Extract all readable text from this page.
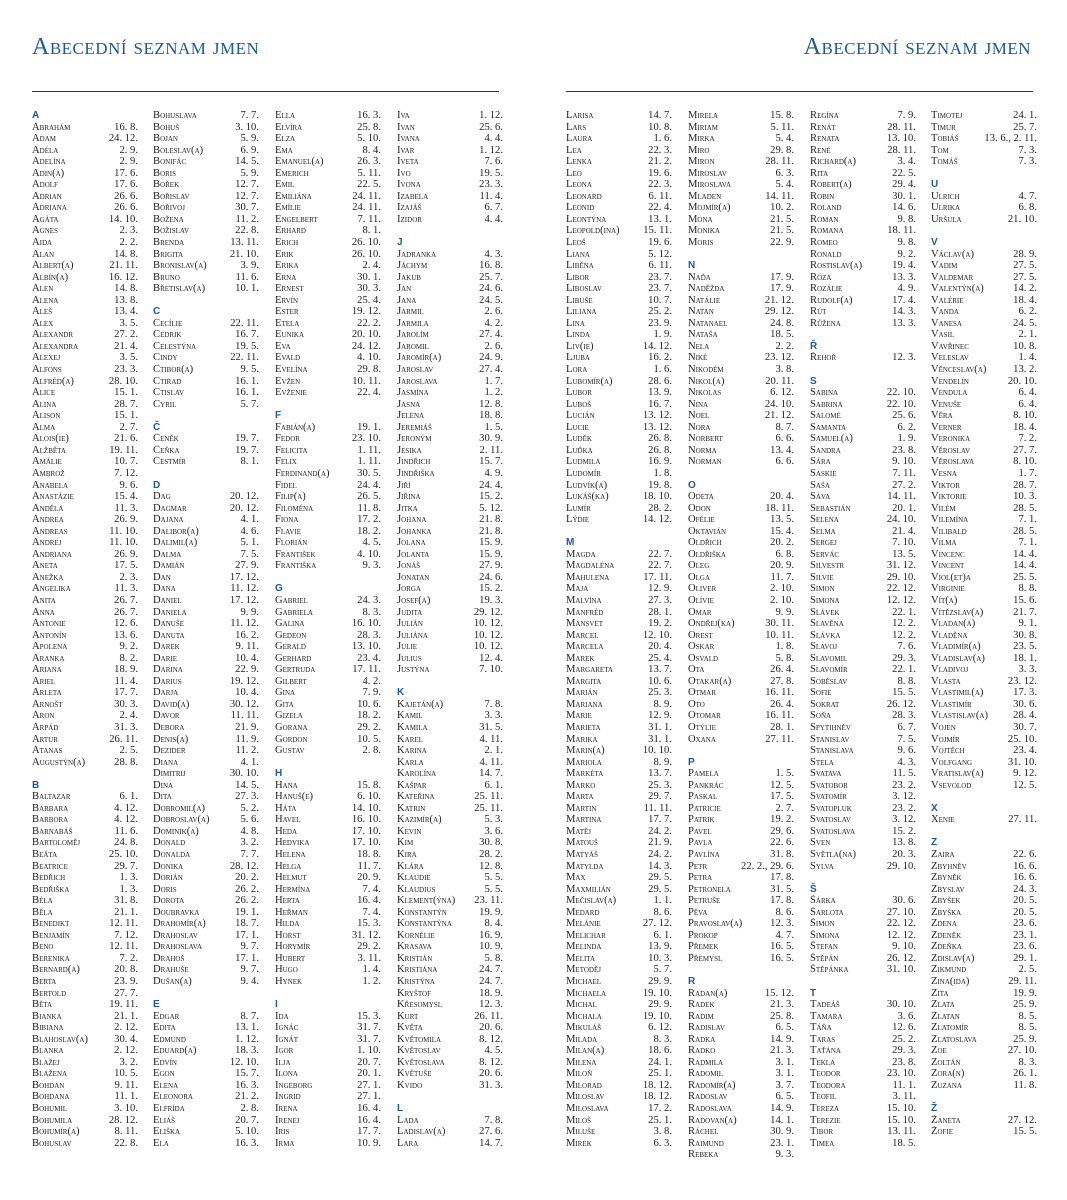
Abecední seznam jmen	Abecední seznam jmen
A
Abrahám	16. 8.
Adam	24. 12.
Adéla	2. 9.
Adelína	2. 9.
Adin(a)	17. 6.
Adolf	17. 6.
Adrian	26. 6.
Adriana	26. 6.
Agáta	14. 10.
Agnes	2. 3.
Aida	2. 2.
Alan	14. 8.
Albert(a)	21. 11.
Albín(a)	16. 12.
Alen	14. 8.
Alena	13. 8.
Aleš	13. 4.
Alex	3. 5.
Alexandr	27. 2.
Alexandra	21. 4.
Alexej	3. 5.
Alfons	23. 3.
Alfréd(a)	28. 10.
Alice	15. 1.
Alina	28. 7.
Alison	15. 1.
Alma	2. 7.
Alois(ie)	21. 6.
Alžběta	19. 11.
Amálie	10. 7.
Ambrož	7. 12.
Anabela	9. 6.
Anastázie	15. 4.
Anděla	11. 3.
Andrea	26. 9.
Andreas	11. 10.
Andrej	11. 10.
Andriana	26. 9.
Aneta	17. 5.
Anežka	2. 3.
Angelika	11. 3.
Anita	26. 7.
Anna	26. 7.
Antonie	12. 6.
Antonín	13. 6.
Apolena	9. 2.
Aranka	8. 2.
Ariana	18. 9.
Ariel	11. 4.
Arleta	17. 7.
Arnošt	30. 3.
Áron	2. 4.
Arpád	31. 3.
Artur	26. 11.
Atanas	2. 5.
Augustýn(a)	28. 8.
B
Baltazar	6. 1.
Barbara	4. 12.
Barbora	4. 12.
Barnabáš	11. 6.
Bartoloměj	24. 8.
Beáta	25. 10.
Beatrice	29. 7.
Bedřich	1. 3.
Bedřiška	1. 3.
Béla	31. 8.
Běla	21. 1.
Benedikt	12. 11.
Benjamín	7. 12.
Beno	12. 11.
Berenika	7. 2.
Bernard(a)	20. 8.
Berta	23. 9.
Bertold	27. 7.
Běta	19. 11.
Bianka	21. 1.
Bibiana	2. 12.
Blahoslav(a) 30. 4.
Blanka	2. 12.
Blažej	3. 2.
Blažena	10. 5.
Bohdan	9. 11.
Bohdana	11. 1.
Bohumil	3. 10.
Bohumila	28. 12.
Bohumír(a)	8. 11.
Bohuslav	22. 8.
Bohuslava	7. 7.
Bohuš	3. 10.
Bojan	5. 9.
Boleslav(a)	6. 9.
Bonifác	14. 5.
Boris	5. 9.
Bořek	12. 7.
Bořislav	12. 7.
Bořivoj	30. 7.
Božena	11. 2.
Božislav	22. 8.
Brenda	13. 11.
Brigita	21. 10.
Bronislav(a)	3. 9.
Bruno	11. 6.
Břetislav(a)	10. 1.
C
Cecílie	22. 11.
Cedrik	16. 7.
Celestýna	19. 5.
Cindy	22. 11.
Ctibor(a)	9. 5.
Ctirad	16. 1.
Ctislav	16. 1.
Cyril	5. 7.
Č
Čeněk	19. 7.
Čeňka	19. 7.
Čestmír	8. 1.
D
Dag	20. 12.
Dagmar	20. 12.
Dajana	4. 1.
Dalibor(a)	4. 6.
Dalimil(a)	5. 1.
Dalma	7. 5.
Damián	27. 9.
Dan	17. 12.
Dana	11. 12.
Daniel	17. 12.
Daniela	9. 9.
Danuše	11. 12.
Danuta	16. 2.
Darek	9. 11.
Darie	10. 4.
Darina	22. 9.
Darius	19. 12.
Darja	10. 4.
David(a)	30. 12.
Davor	11. 11.
Debora	21. 9.
Denis(a)	11. 9.
Dezider	11. 2.
Diana	4. 1.
Dimitrij	30. 10.
Dina	14. 5.
Dita	27. 3.
Dobromil(a)	5. 2.
Dobroslav(a)	5. 6.
Dominik(a)	4. 8.
Donald	3. 2.
Donalda	7. 7.
Donika	28. 12.
Dorián	20. 2.
Doris	26. 2.
Dorota	26. 2.
Doubravka	19. 1.
Drahomír(a)	18. 7.
Drahoslav	17. 1.
Drahoslava	9. 7.
Drahoš	17. 1.
Drahuše	9. 7.
Dušan(a)	9. 4.
E
Edgar	8. 7.
Edita	13. 1.
Edmund	1. 12.
Eduard(a)	18. 3.
Edvín	12. 10.
Egon	15. 7.
Elena	16. 3.
Eleonora	21. 2.
Elfrída	2. 8.
Eliáš	20. 7.
Eliška	5. 10.
Ela	16. 3.
Ella	16. 3.
Elvíra	25. 8.
Elza	5. 10.
Ema	8. 4.
Emanuel(a)	26. 3.
Emerich	5. 11.
Emil	22. 5.
Emiliána	24. 11.
Emílie	24. 11.
Engelbert	7. 11.
Erhard	8. 1.
Erich	26. 10.
Erik	26. 10.
Erika	2. 4.
Erna	30. 1.
Ernest	30. 3.
Ervín	25. 4.
Ester	19. 12.
Etela	22. 2.
Eunika	20. 10.
Eva	24. 12.
Evald	4. 10.
Evelína	29. 8.
Evžen	10. 11.
Evženie	22. 4.
F
Fabián(a)	19. 1.
Fedor	23. 10.
Felicita	1. 11.
Felix	1. 11.
Ferdinand(a)	30. 5.
Fidel	24. 4.
Filip(a)	26. 5.
Filoména	11. 8.
Fiona	17. 2.
Flavie	18. 2.
Florián	4. 5.
František	4. 10.
Františka	9. 3.
G
Gabriel	24. 3.
Gabriela	8. 3.
Galina	16. 10.
Gedeon	28. 3.
Gerald	13. 10.
Gerhard	23. 4.
Gertruda	17. 11.
Gilbert	4. 2.
Gina	7. 9.
Gita	10. 6.
Gizela	18. 2.
Gorana	29. 2.
Gordon	10. 5.
Gustav	2. 8.
H
Hana	15. 8.
Hanuš(e)	6. 10.
Háta	14. 10.
Havel	16. 10.
Heda	17. 10.
Hedvika	17. 10.
Helena	18. 8.
Helga	11. 7.
Helmut	20. 9.
Hermína	7. 4.
Herta	16. 4.
Heřman	7. 4.
Hilda	15. 3.
Horst	31. 12.
Horymír	29. 2.
Hubert	3. 11.
Hugo	1. 4.
Hynek	1. 2.
I
Ida	15. 3.
Ignác	31. 7.
Ignát	31. 7.
Igor	1. 10.
Ilja	20. 7.
Ilona	20. 1.
Ingeborg	27. 1.
Ingrid	27. 1.
Irena	16. 4.
Irenej	16. 4.
Iris	17. 7.
Irma	10. 9.
Iva	1. 12.
Ivan	25. 6.
Ivana	4. 4.
Ivar	1. 12.
Iveta	7. 6.
Ivo	19. 5.
Ivona	23. 3.
Izabela	11. 4.
Izajáš	6. 7.
Izidor	4. 4.
J
Jadranka	4. 3.
Jáchym	16. 8.
Jakub	25. 7.
Jan	24. 6.
Jana	24. 5.
Jarmil	2. 6.
Jarmila	4. 2.
Jarolím	27. 4.
Jaromil	2. 6.
Jaromír(a)	24. 9.
Jaroslav	27. 4.
Jaroslava	1. 7.
Jasmína	1. 2.
Jasna	12. 8.
Jelena	18. 8.
Jeremiáš	1. 5.
Jeroným	30. 9.
Jesika	2. 11.
Jindřich	15. 7.
Jindřiška	4. 9.
Jiří	24. 4.
Jiřina	15. 2.
Jitka	5. 12.
Johana	21. 8.
Johanka	21. 8.
Jolana	15. 9.
Jolanta	15. 9.
Jonáš	27. 9.
Jonatan	24. 6.
Jorga	15. 2.
Josef(a)	19. 3.
Judita	29. 12.
Julián	10. 12.
Juliána	10. 12.
Julie	10. 12.
Julius	12. 4.
Justýna	7. 10.
K
Kajetán(a)	7. 8.
Kamil	3. 3.
Kamila	31. 5.
Karel	4. 11.
Karina	2. 1.
Karla	4. 11.
Karolína	14. 7.
Kašpar	6. 1.
Kateřina	25. 11.
Katrin	25. 11.
Kazimír(a)	5. 3.
Kevin	3. 6.
Kim	30. 8.
Kira	28. 2.
Klára	12. 8.
Klaudie	5. 5.
Klaudius	5. 5.
Klement(ýna) 23. 11.
Konstantýn	19. 9.
Konstantýna	8. 4.
Kornélie	16. 9.
Krasava	10. 9.
Kristián	5. 8.
Kristiána	24. 7.
Kristýna	24. 7.
Kryštof	18. 9.
Křesomysl	12. 3.
Kurt	26. 11.
Květa	20. 6.
Květomila	8. 12.
Květoslav	4. 5.
Květoslava	8. 12.
Květuše	20. 6.
Kvido	31. 3.
L
Lada	7. 8.
Ladislav(a)	27. 6.
Lara	14. 7.
Larisa	14. 7.
Lars	10. 8.
Laura	1. 6.
Lea	22. 3.
Lenka	21. 2.
Leo	19. 6.
Leona	22. 3.
Leonard	6. 11.
Leonid	22. 4.
Leontýna	13. 1.
Leopold(ina) 15. 11.
Leoš	19. 6.
Liana	5. 12.
Liběna	6. 11.
Libor	23. 7.
Liboslav	23. 7.
Libuše	10. 7.
Liliana	25. 2.
Lina	23. 9.
Linda	1. 9.
Liv(ie)	14. 12.
Ljuba	16. 2.
Lora	1. 6.
Lubomír(a)	28. 6.
Lubor	13. 9.
Luboš	16. 7.
Lucián	13. 12.
Lucie	13. 12.
Luděk	26. 8.
Luďka	26. 8.
Ludmila	16. 9.
Ludomír	1. 8.
Ludvík(a)	19. 8.
Lukáš(ka)	18. 10.
Lumír	28. 2.
Lýdie	14. 12.
M
Magda	22. 7.
Magdaléna	22. 7.
Mahulena	17. 11.
Maja	12. 9.
Malvína	27. 3.
Manfréd	28. 1.
Mansvet	19. 2.
Marcel	12. 10.
Marcela	20. 4.
Marek	25. 4.
Margareta	13. 7.
Margita	10. 6.
Marián	25. 3.
Mariana	8. 9.
Marie	12. 9.
Marieta	31. 1.
Marika	31. 1.
Marin(a)	10. 10.
Mariola	8. 9.
Markéta	13. 7.
Marko	25. 3.
Marta	29. 7.
Martin	11. 11.
Martina	17. 7.
Matěj	24. 2.
Matouš	21. 9.
Matyáš	24. 2.
Matylda	14. 3.
Max	29. 5.
Maxmilián	29. 5.
Mečislav(a)	1. 1.
Medard	8. 6.
Melánie	27. 12.
Melichar	6. 1.
Melinda	13. 9.
Melita	10. 3.
Metoděj	5. 7.
Michael	29. 9.
Michaela	19. 10.
Michal	29. 9.
Michala	19. 10.
Mikuláš	6. 12.
Milada	8. 3.
Milan(a)	18. 6.
Milena	24. 1.
Miloň	25. 1.
Milorad	18. 12.
Miloslav	18. 12.
Miloslava	17. 2.
Miloš	25. 1.
Miluše	3. 8.
Mirek	6. 3.
Mirela	15. 8.
Miriam	5. 11.
Mirka	5. 4.
Miro	29. 8.
Miron	28. 11.
Miroslav	6. 3.
Miroslava	5. 4.
Mladen	14. 11.
Mojmír(a)	10. 2.
Mona	21. 5.
Monika	21. 5.
Moris	22. 9.
N
Naďa	17. 9.
Naděžda	17. 9.
Natálie	21. 12.
Natan	29. 12.
Natanael	24. 8.
Nataša	18. 5.
Nela	2. 2.
Niké	23. 12.
Nikodém	3. 8.
Nikol(a)	20. 11.
Nikolas	6. 12.
Nina	24. 10.
Noel	21. 12.
Nora	8. 7.
Norbert	6. 6.
Norma	13. 4.
Norman	6. 6.
O
Odeta	20. 4.
Odon	18. 11.
Ofélie	13. 5.
Oktavián	15. 4.
Oldřich	20. 2.
Oldřiška	6. 8.
Oleg	20. 9.
Olga	11. 7.
Oliver	2. 10.
Olívie	2. 10.
Omar	9. 9.
Ondřej(ka)	30. 11.
Orest	10. 11.
Oskar	1. 8.
Osvald	5. 8.
Ota	26. 4.
Otakar(a)	27. 8.
Otmar	16. 11.
Oto	26. 4.
Otomar	16. 11.
Otýlie	28. 1.
Oxana	27. 11.
P
Pamela	1. 5.
Pankrác	12. 5.
Paskal	17. 5.
Patricie	2. 7.
Patrik	19. 2.
Pavel	29. 6.
Pavla	22. 6.
Pavlína	31. 8.
Petr	22. 2., 29. 6.
Petra	17. 8.
Petronela	31. 5.
Petruše	17. 8.
Pěva	8. 6.
Pravoslav(a)	12. 3.
Prokop	4. 7.
Přemek	16. 5.
Přemysl	16. 5.
R
Radan(a)	15. 12.
Radek	21. 3.
Radim	25. 8.
Radislav	6. 5.
Radka	14. 9.
Radko	21. 3.
Radmila	3. 1.
Radomil	3. 1.
Radomír(a)	3. 7.
Radoslav	6. 5.
Radoslava	14. 9.
Radovan(a)	14. 1.
Ráchel	30. 9.
Raimund	23. 1.
Rebeka	9. 3.
Regína	7. 9.
Renát	28. 11.
Renata	13. 10.
René	28. 11.
Richard(a)	3. 4.
Rita	22. 5.
Robert(a)	29. 4.
Robin	30. 1.
Roland	14. 6.
Roman	9. 8.
Romana	18. 11.
Romeo	9. 8.
Ronald	9. 2.
Rostislav(a)	19. 4.
Róza	13. 3.
Rozálie	4. 9.
Rudolf(a)	17. 4.
Rút	14. 3.
Růžena	13. 3.
Ř
Řehoř	12. 3.
S
Sabina	22. 10.
Sabrina	22. 10.
Salomé	25. 6.
Samanta	6. 2.
Samuel(a)	1. 9.
Sandra	23. 8.
Sára	9. 10.
Saskie	7. 11.
Saša	27. 2.
Sáva	14. 11.
Sebastián	20. 1.
Selena	24. 10.
Selma	21. 4.
Sergej	7. 10.
Servác	13. 5.
Silvestr	31. 12.
Silvie	29. 10.
Simon	22. 12.
Simona	12. 12.
Slávek	22. 1.
Slavěna	12. 2.
Slávka	12. 2.
Slavoj	7. 6.
Slavomil	29. 3.
Slavomír	22. 1.
Soběslav	8. 8.
Sofie	15. 5.
Sokrat	26. 12.
Soňa	28. 3.
Spytihněv	6. 7.
Stanislav	7. 5.
Stanislava	9. 6.
Stela	4. 3.
Svatava	11. 5.
Svatobor	23. 2.
Svatomír	3. 12.
Svatopluk	23. 2.
Svatoslav	3. 12.
Svatoslava	15. 2.
Sven	13. 8.
Světla(na)	20. 3.
Sylva	29. 10.
Š
Šárka	30. 6.
Šarlota	27. 10.
Šimon	22. 12.
Šimona	12. 12.
Štefan	9. 10.
Štěpán	26. 12.
Štěpánka	31. 10.
T
Tadeáš	30. 10.
Tamara	3. 6.
Táňa	12. 6.
Taras	25. 2.
Taťána	29. 3.
Tekla	23. 8.
Teodor	23. 10.
Teodora	11. 1.
Teofil	3. 11.
Tereza	15. 10.
Terezie	15. 10.
Tibor	13. 11.
Timea	18. 5.
Timotej	24. 1.
Timur	25. 7.
Tobiáš 13. 6., 2. 11.
Tom	7. 3.
Tomáš	7. 3.
U
Ulrich	4. 7.
Ulrika	6. 8.
Uršula	21. 10.
V
Václav(a)	28. 9.
Vadim	27. 5.
Valdemar	27. 5.
Valentýn(a)	14. 2.
Valérie	18. 4.
Vanda	6. 2.
Vanesa	24. 5.
Vasil	2. 1.
Vavřinec	10. 8.
Veleslav	1. 4.
Věnceslav(a)	13. 2.
Vendelín	20. 10.
Vendula	6. 4.
Venuše	6. 4.
Věra	8. 10.
Verner	18. 4.
Veronika	7. 2.
Věroslav	27. 7.
Věroslava	8. 10.
Vesna	1. 7.
Viktor	28. 7.
Viktorie	10. 3.
Vilém	28. 5.
Vilemína	7. 1.
Vilibald	28. 5.
Vilma	7. 1.
Vincenc	14. 4.
Vincent	14. 4.
Viol(et)a	25. 5.
Virginie	8. 8.
Vít(a)	15. 6.
Vítězslav(a)	21. 7.
Vladan(a)	9. 1.
Vladěna	30. 8.
Vladimír(a)	23. 5.
Vladislav(a)	18. 1.
Vladivoj	3. 3.
Vlasta	23. 12.
Vlastimil(a)	17. 3.
Vlastimír	30. 6.
Vlastislav(a) 28. 4.
Vojen	30. 7.
Vojmír	25. 10.
Vojtěch	23. 4.
Volfgang	31. 10.
Vratislav(a)	9. 12.
Vsevolod	12. 5.
X
Xenie	27. 11.
Z
Zaira	22. 6.
Zbyhněv	16. 6.
Zbyněk	16. 6.
Zbyslav	24. 3.
Zbyšek	20. 5.
Zbyška	20. 5.
Zdena	23. 6.
Zdeněk	23. 1.
Zdeňka	23. 6.
Zdislav(a)	29. 1.
Zikmund	2. 5.
Zina(ida)	29. 11.
Zita	19. 9.
Zlata	25. 9.
Zlatan	8. 5.
Zlatomír	8. 5.
Zlatoslava	25. 9.
Zoe	27. 10.
Zoltán	8. 3.
Zora(n)	26. 1.
Zuzana	11. 8.
Ž
Žaneta	27. 12.
Žofie	15. 5.
